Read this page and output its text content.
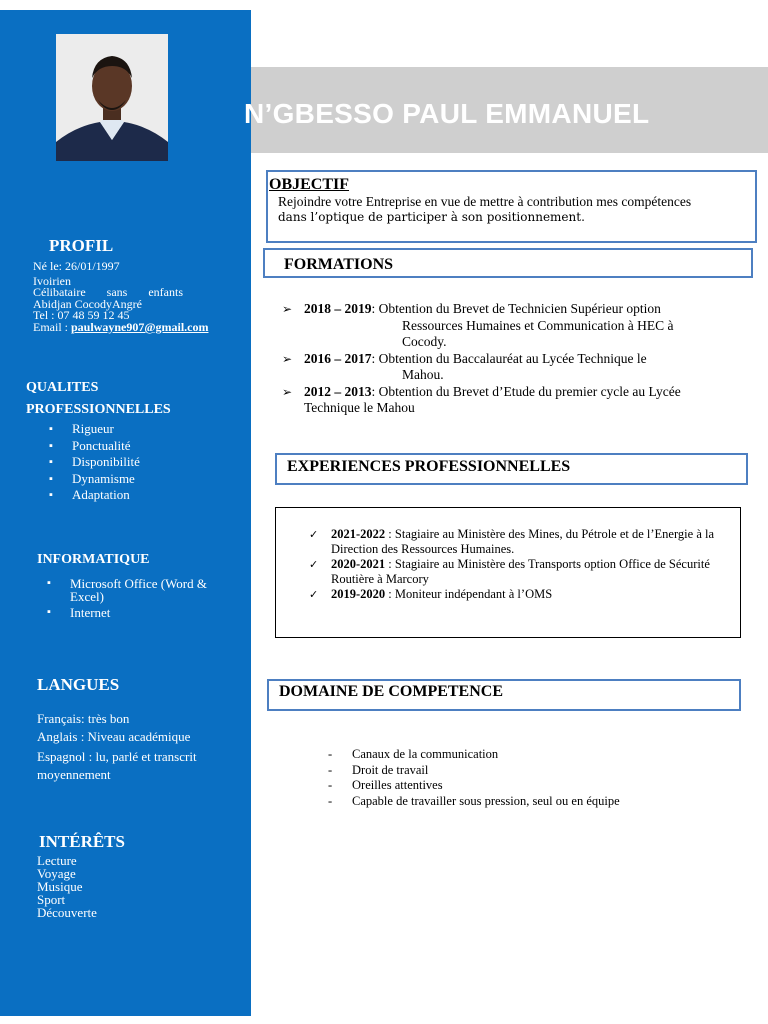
PROFIL
Né le: 26/01/1997
Ivoirien
Célibataire sans enfants
Abidjan CocodyAngré
Tel : 07 48 59 12 45
Email : paulwayne907@gmail.com
QUALITES
PROFESSIONNELLES
▪ Rigueur
▪ Ponctualité
▪ Disponibilité
▪ Dynamisme
▪ Adaptation
INFORMATIQUE
▪ Microsoft Office (Word & Excel)
▪ Internet
LANGUES
Français: très bon
Anglais : Niveau académique
Espagnol : lu, parlé et transcrit moyennement
INTÉRÊTS
Lecture
Voyage
Musique
Sport
Découverte
N’GBESSO PAUL EMMANUEL
OBJECTIF
Rejoindre votre Entreprise en vue de mettre à contribution mes compétences
dans l’optique de participer à son positionnement.
FORMATIONS
➢ 2018 – 2019: Obtention du Brevet de Technicien Supérieur option
Ressources Humaines et Communication à HEC à
Cocody.
➢ 2016 – 2017: Obtention du Baccalauréat au Lycée Technique le
Mahou.
➢ 2012 – 2013: Obtention du Brevet d’Etude du premier cycle au Lycée
Technique le Mahou
EXPERIENCES PROFESSIONNELLES
✓ 2021-2022 : Stagiaire au Ministère des Mines, du Pétrole et de l’Energie à la Direction des Ressources Humaines.
✓ 2020-2021 : Stagiaire au Ministère des Transports option Office de Sécurité Routière à Marcory
✓ 2019-2020 : Moniteur indépendant à l’OMS
DOMAINE DE COMPETENCE
- Canaux de la communication
- Droit de travail
- Oreilles attentives
- Capable de travailler sous pression, seul ou en équipe
